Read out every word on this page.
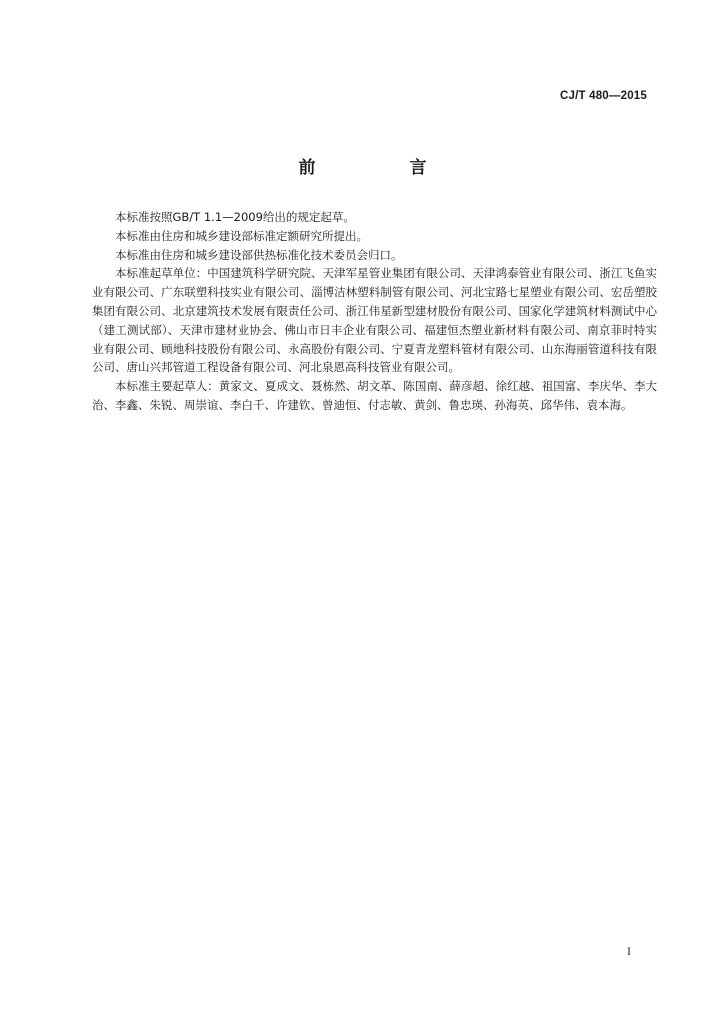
CJ/T 480—2015
前 言

本标准按照GB/T 1.1—2009给出的规定起草。

本标准由住房和城乡建设部标准定额研究所提出。

本标准由住房和城乡建设部供热标准化技术委员会归口。

本标准起草单位：中国建筑科学研究院、天津军星管业集团有限公司、天津鸿泰管业有限公司、浙江飞鱼实业有限公司、广东联塑科技实业有限公司、淄博洁林塑料制管有限公司、河北宝路七星塑业有限公司、宏岳塑胶集团有限公司、北京建筑技术发展有限责任公司、浙江伟星新型建材股份有限公司、国家化学建筑材料测试中心（建工测试部）、天津市建材业协会、佛山市日丰企业有限公司、福建恒杰塑业新材料有限公司、南京菲时特实业有限公司、顾地科技股份有限公司、永高股份有限公司、宁夏青龙塑料管材有限公司、山东海丽管道科技有限公司、唐山兴邦管道工程设备有限公司、河北泉恩高科技管业有限公司。

本标准主要起草人：黄家文、夏成文、聂栋然、胡文革、陈国南、薛彦超、徐红越、祖国富、李庆华、李大治、李鑫、朱锐、周崇谊、李白千、许建钦、曾迪恒、付志敏、黄剑、鲁忠瑛、孙海英、邱华伟、袁本海。

I
